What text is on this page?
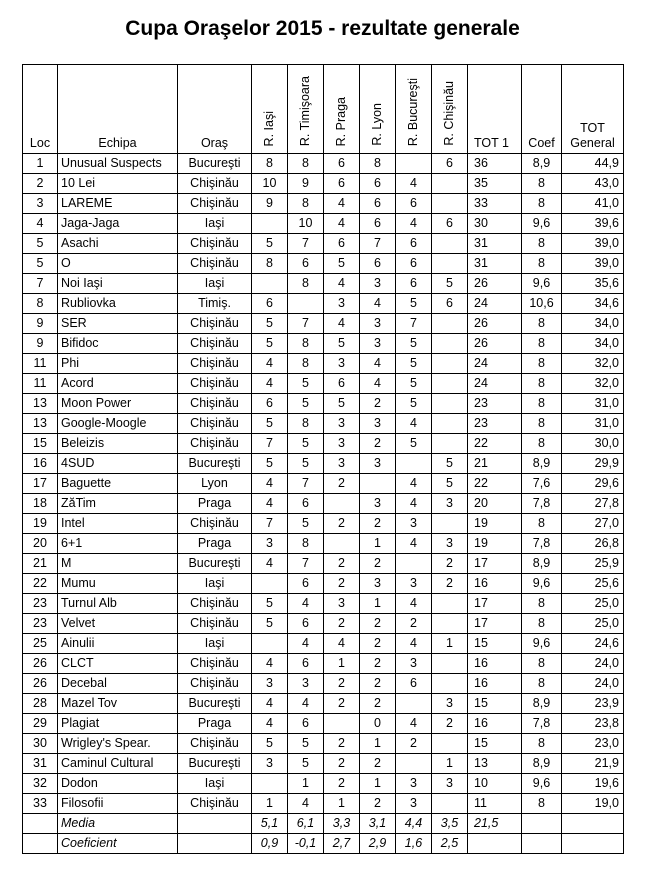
Cupa Oraşelor 2015 - rezultate generale
Loc	Echipa	Oraş	R. Iaşi	R. Timişoara	R. Praga	R. Lyon	R. Bucureşti	R. Chişinău	TOT 1	Coef	TOT General
1	Unusual Suspects	Bucureşti	8	8	6	8		6	36	8,9	44,9
2	10 Lei	Chişinău	10	9	6	6	4		35	8	43,0
3	LAREME	Chişinău	9	8	4	6	6		33	8	41,0
4	Jaga-Jaga	Iaşi		10	4	6	4	6	30	9,6	39,6
5	Asachi	Chişinău	5	7	6	7	6		31	8	39,0
5	O	Chişinău	8	6	5	6	6		31	8	39,0
7	Noi Iaşi	Iaşi		8	4	3	6	5	26	9,6	35,6
8	Rubliovka	Timiş.	6		3	4	5	6	24	10,6	34,6
9	SER	Chişinău	5	7	4	3	7		26	8	34,0
9	Bifidoc	Chişinău	5	8	5	3	5		26	8	34,0
11	Phi	Chişinău	4	8	3	4	5		24	8	32,0
11	Acord	Chişinău	4	5	6	4	5		24	8	32,0
13	Moon Power	Chişinău	6	5	5	2	5		23	8	31,0
13	Google-Moogle	Chişinău	5	8	3	3	4		23	8	31,0
15	Beleizis	Chişinău	7	5	3	2	5		22	8	30,0
16	4SUD	Bucureşti	5	5	3	3		5	21	8,9	29,9
17	Baguette	Lyon	4	7	2		4	5	22	7,6	29,6
18	ZăTim	Praga	4	6		3	4	3	20	7,8	27,8
19	Intel	Chişinău	7	5	2	2	3		19	8	27,0
20	6+1	Praga	3	8		1	4	3	19	7,8	26,8
21	M	Bucureşti	4	7	2	2		2	17	8,9	25,9
22	Mumu	Iaşi		6	2	3	3	2	16	9,6	25,6
23	Turnul Alb	Chişinău	5	4	3	1	4		17	8	25,0
23	Velvet	Chişinău	5	6	2	2	2		17	8	25,0
25	Ainulii	Iaşi		4	4	2	4	1	15	9,6	24,6
26	CLCT	Chişinău	4	6	1	2	3		16	8	24,0
26	Decebal	Chişinău	3	3	2	2	6		16	8	24,0
28	Mazel Tov	Bucureşti	4	4	2	2		3	15	8,9	23,9
29	Plagiat	Praga	4	6		0	4	2	16	7,8	23,8
30	Wrigley's Spear.	Chişinău	5	5	2	1	2		15	8	23,0
31	Caminul Cultural	Bucureşti	3	5	2	2		1	13	8,9	21,9
32	Dodon	Iaşi		1	2	1	3	3	10	9,6	19,6
33	Filosofii	Chişinău	1	4	1	2	3		11	8	19,0
	Media		5,1	6,1	3,3	3,1	4,4	3,5	21,5		
	Coeficient		0,9	-0,1	2,7	2,9	1,6	2,5			
